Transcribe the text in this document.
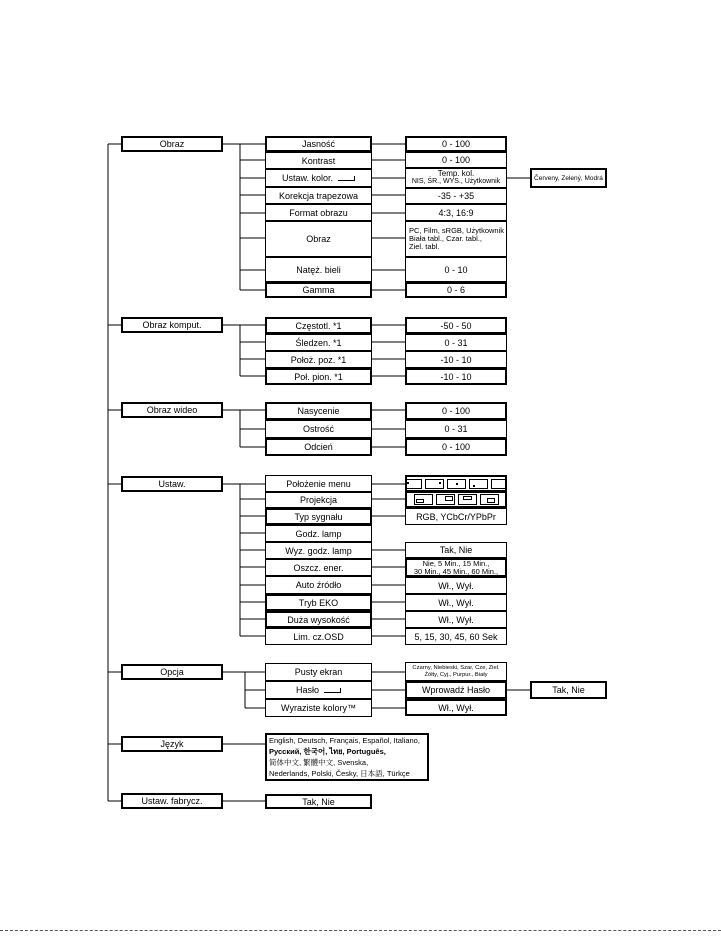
Obraz
Obraz komput.
Obraz wideo
Ustaw.
Opcja
Język
Ustaw. fabrycz.
Jasność
Kontrast
Ustaw. kolor.
Korekcja trapezowa
Format obrazu
Obraz
Natęż. bieli
Gamma
0 - 100
0 - 100
Temp. kol.
NIS, ŚR., WYS., Użytkownik
-35 - +35
4:3, 16:9
PC, Film, sRGB, Użytkownik
Biała tabl., Czar. tabl.,
Ziel. tabl.
0 - 10
0 - 6
Červeny, Zelený, Modrá
Częstotl. *1
Śledzen. *1
Położ. poz. *1
Poł. pion. *1
-50 - 50
0 - 31
-10 - 10
-10 - 10
Nasycenie
Ostrość
Odcień
0 - 100
0 - 31
0 - 100
Położenie menu
Projekcja
Typ sygnału
Godz. lamp
Wyz. godz. lamp
Oszcz. ener.
Auto źródło
Tryb EKO
Duża wysokość
Lim. cz.OSD
RGB, YCbCr/YPbPr
Tak, Nie
Nie, 5 Min., 15 Min.,
30 Min., 45 Min., 60 Min.,
Wł., Wył.
Wł., Wył.
Wł., Wył.
5, 15, 30, 45, 60 Sek
Pusty ekran
Hasło
Wyraziste kolory™
Czarny, Niebieski, Szar, Cze, Ziel.
Żółty, Cyj., Purpur., Biały
Wprowadź Hasło
Wł., Wył.
Tak, Nie
English, Deutsch, Français, Español, Italiano,
Русский, 한국어, ไทย, Português,
简体中文, 繁體中文, Svenska,
Nederlands, Polski, Česky, 日本語, Türkçe
Tak, Nie
